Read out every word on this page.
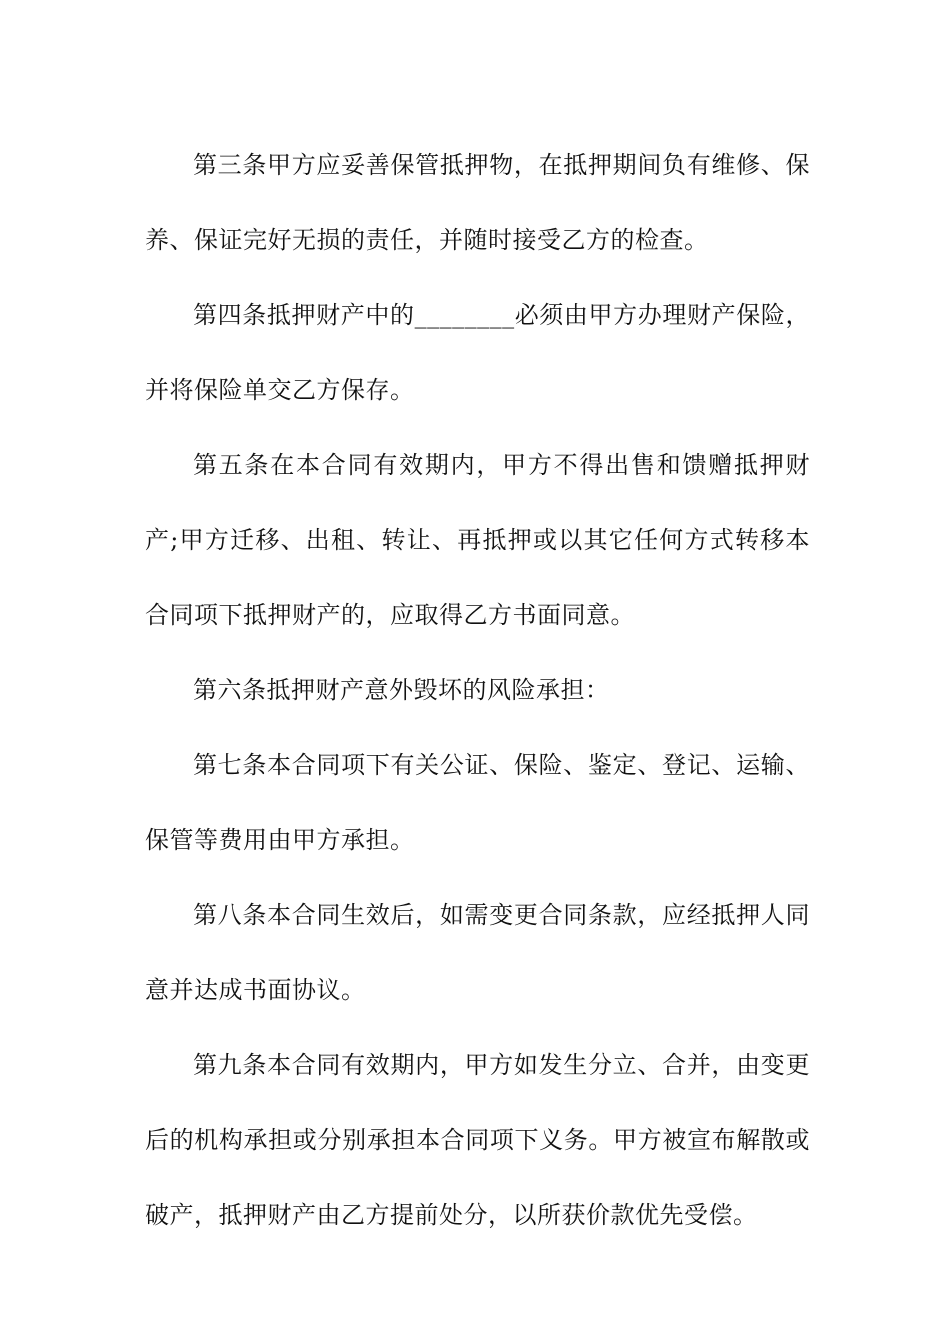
第三条甲方应妥善保管抵押物，在抵押期间负有维修、保养、保证完好无损的责任，并随时接受乙方的检查。

第四条抵押财产中的________必须由甲方办理财产保险，并将保险单交乙方保存。

第五条在本合同有效期内，甲方不得出售和馈赠抵押财产;甲方迁移、出租、转让、再抵押或以其它任何方式转移本合同项下抵押财产的，应取得乙方书面同意。

第六条抵押财产意外毁坏的风险承担：

第七条本合同项下有关公证、保险、鉴定、登记、运输、保管等费用由甲方承担。

第八条本合同生效后，如需变更合同条款，应经抵押人同意并达成书面协议。

第九条本合同有效期内，甲方如发生分立、合并，由变更后的机构承担或分别承担本合同项下义务。甲方被宣布解散或破产，抵押财产由乙方提前处分，以所获价款优先受偿。
